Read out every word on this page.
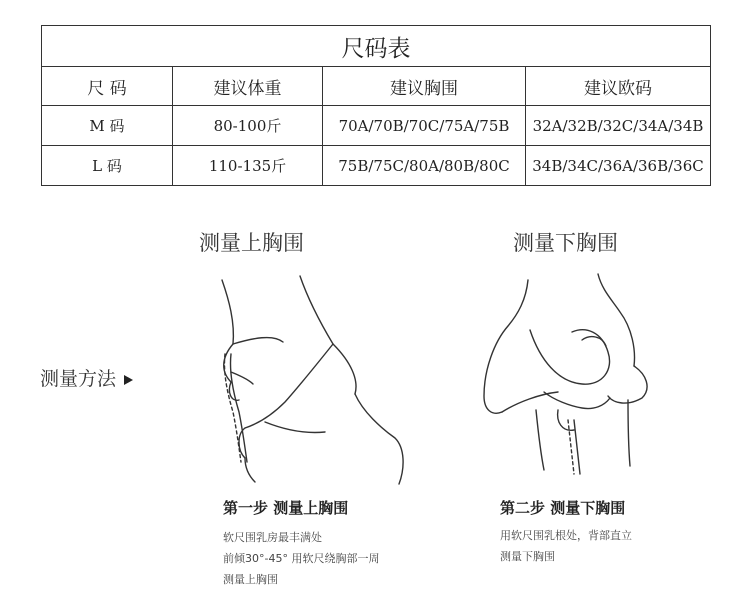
尺码表			
尺 码	建议体重	建议胸围	建议欧码
M 码	80-100斤	70A/70B/70C/75A/75B	32A/32B/32C/34A/34B
L 码	110-135斤	75B/75C/80A/80B/80C	34B/34C/36A/36B/36C
测量上胸围	测量下胸围
测量方法
第一步 测量上胸围
软尺围乳房最丰满处
前倾30°-45° 用软尺绕胸部一周
测量上胸围
第二步 测量下胸围
用软尺围乳根处，背部直立
测量下胸围
